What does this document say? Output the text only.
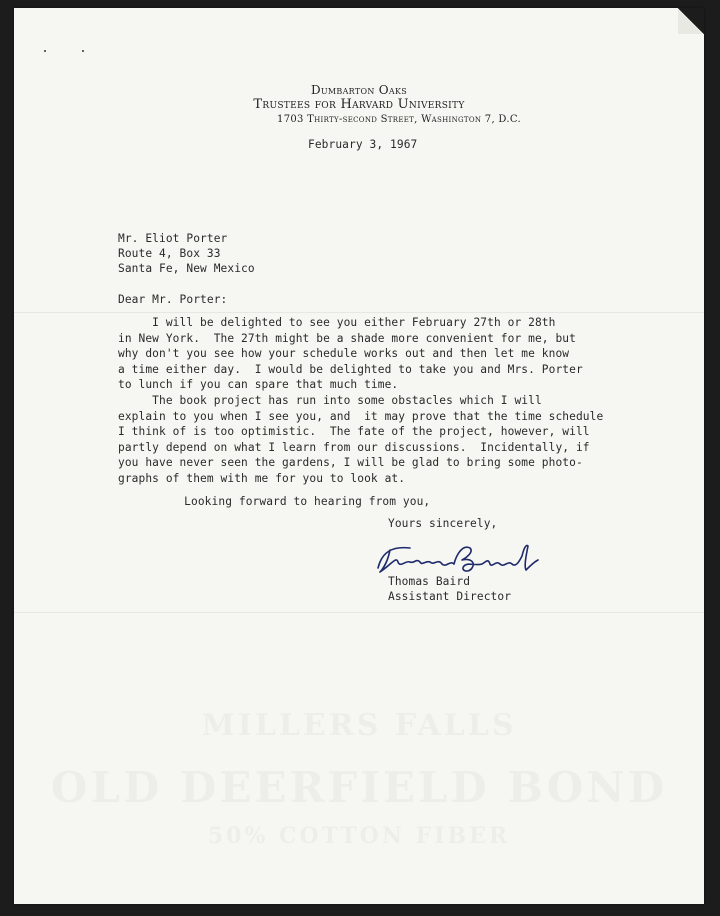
Dumbarton Oaks
Trustees for Harvard University
1703 Thirty-second Street, Washington 7, D.C.
February 3, 1967
Mr. Eliot Porter
Route 4, Box 33
Santa Fe, New Mexico
Dear Mr. Porter:
I will be delighted to see you either February 27th or 28th
in New York.  The 27th might be a shade more convenient for me, but
why don't you see how your schedule works out and then let me know
a time either day.  I would be delighted to take you and Mrs. Porter
to lunch if you can spare that much time.
The book project has run into some obstacles which I will
explain to you when I see you, and  it may prove that the time schedule
I think of is too optimistic.  The fate of the project, however, will
partly depend on what I learn from our discussions.  Incidentally, if
you have never seen the gardens, I will be glad to bring some photo-
graphs of them with me for you to look at.
Looking forward to hearing from you,
Yours sincerely,
Thomas Baird
Assistant Director
